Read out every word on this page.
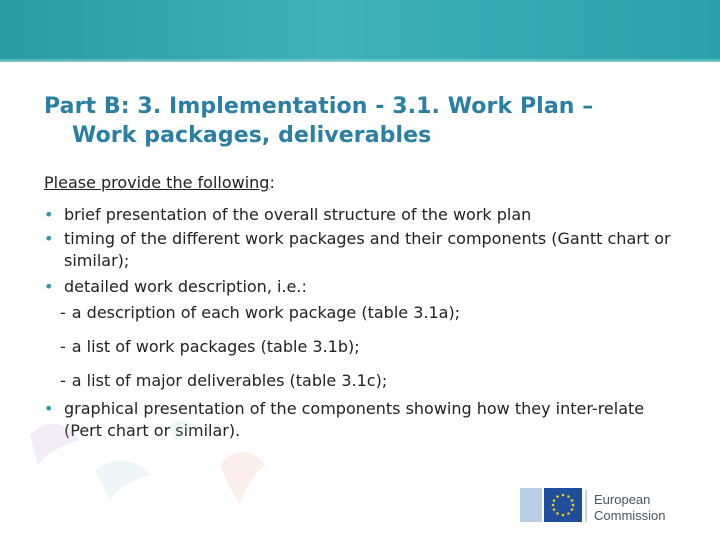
Part B: 3. Implementation - 3.1. Work Plan –
Work packages, deliverables

Please provide the following:

• brief presentation of the overall structure of the work plan
• timing of the different work packages and their components (Gantt chart or similar);
• detailed work description, i.e.:
- a description of each work package (table 3.1a);
- a list of work packages (table 3.1b);
- a list of major deliverables (table 3.1c);
• graphical presentation of the components showing how they inter-relate (Pert chart or similar).
European
Commission
